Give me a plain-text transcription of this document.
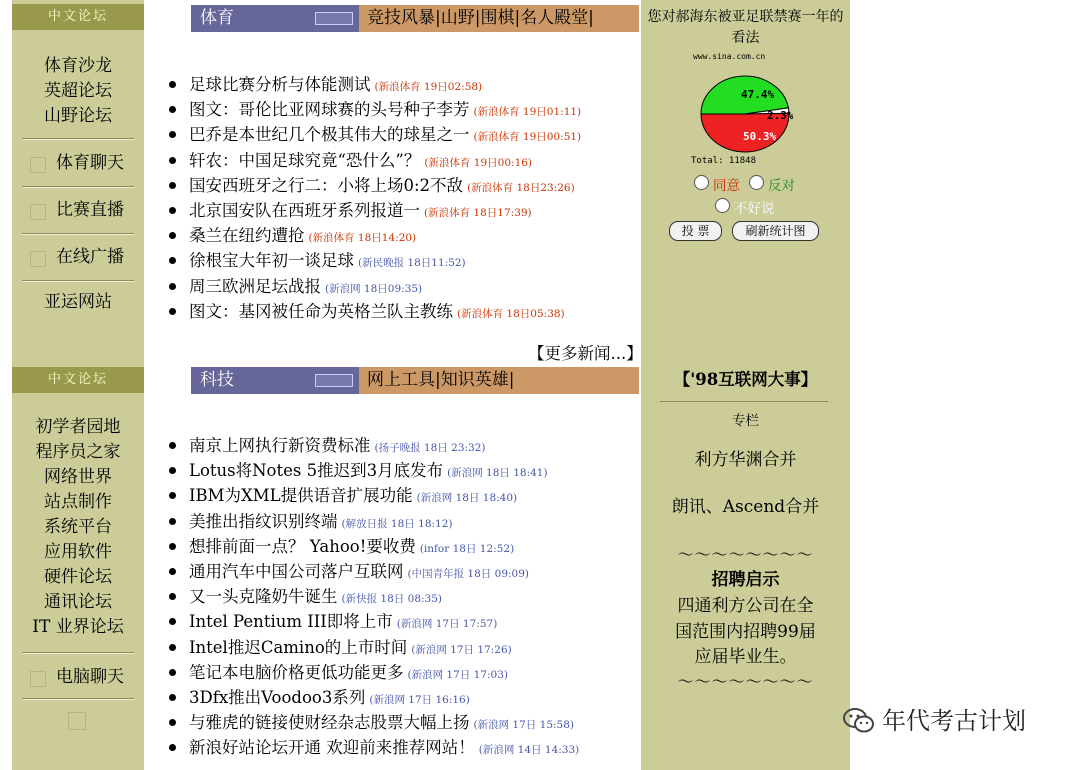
中文论坛
体育沙龙
英超论坛
山野论坛
体育聊天
比赛直播
在线广播
亚运网站
中文论坛
初学者园地
程序员之家
网络世界
站点制作
系统平台
应用软件
硬件论坛
通讯论坛
IT 业界论坛
电脑聊天
体育	竞技风暴|山野|围棋|名人殿堂|
足球比赛分析与体能测试 (新浪体育 19日02:58)
图文：哥伦比亚网球赛的头号种子李芳 (新浪体育 19日01:11)
巴乔是本世纪几个极其伟大的球星之一 (新浪体育 19日00:51)
轩农：中国足球究竟“恐什么”？ (新浪体育 19日00:16)
国安西班牙之行二：小将上场0:2不敌 (新浪体育 18日23:26)
北京国安队在西班牙系列报道一 (新浪体育 18日17:39)
桑兰在纽约遭抢 (新浪体育 18日14:20)
徐根宝大年初一谈足球 (新民晚报 18日11:52)
周三欧洲足坛战报 (新浪网 18日09:35)
图文：基冈被任命为英格兰队主教练 (新浪体育 18日05:38)
【更多新闻...】
科技	网上工具|知识英雄|
南京上网执行新资费标准 (扬子晚报 18日 23:32)
Lotus将Notes 5推迟到3月底发布 (新浪网 18日 18:41)
IBM为XML提供语音扩展功能 (新浪网 18日 18:40)
美推出指纹识别终端 (解放日报 18日 18:12)
想排前面一点？ Yahoo!要收费 (infor 18日 12:52)
通用汽车中国公司落户互联网 (中国青年报 18日 09:09)
又一头克隆奶牛诞生 (新快报 18日 08:35)
Intel Pentium III即将上市 (新浪网 17日 17:57)
Intel推迟Camino的上市时间 (新浪网 17日 17:26)
笔记本电脑价格更低功能更多 (新浪网 17日 17:03)
3Dfx推出Voodoo3系列 (新浪网 17日 16:16)
与雅虎的链接使财经杂志股票大幅上扬 (新浪网 17日 15:58)
新浪好站论坛开通 欢迎前来推荐网站！ (新浪网 14日 14:33)
您对郝海东被亚足联禁赛一年的看法
www.sina.com.cn
47.4%
2.3%
50.3%
Total: 11848
同意 反对
不好说
投 票	刷新统计图
【'98互联网大事】
专栏
利方华渊合并
朗讯、Ascend合并
～～～～～～～～
招聘启示
四通利方公司在全
国范围内招聘99届
应届毕业生。
～～～～～～～～
年代考古计划
